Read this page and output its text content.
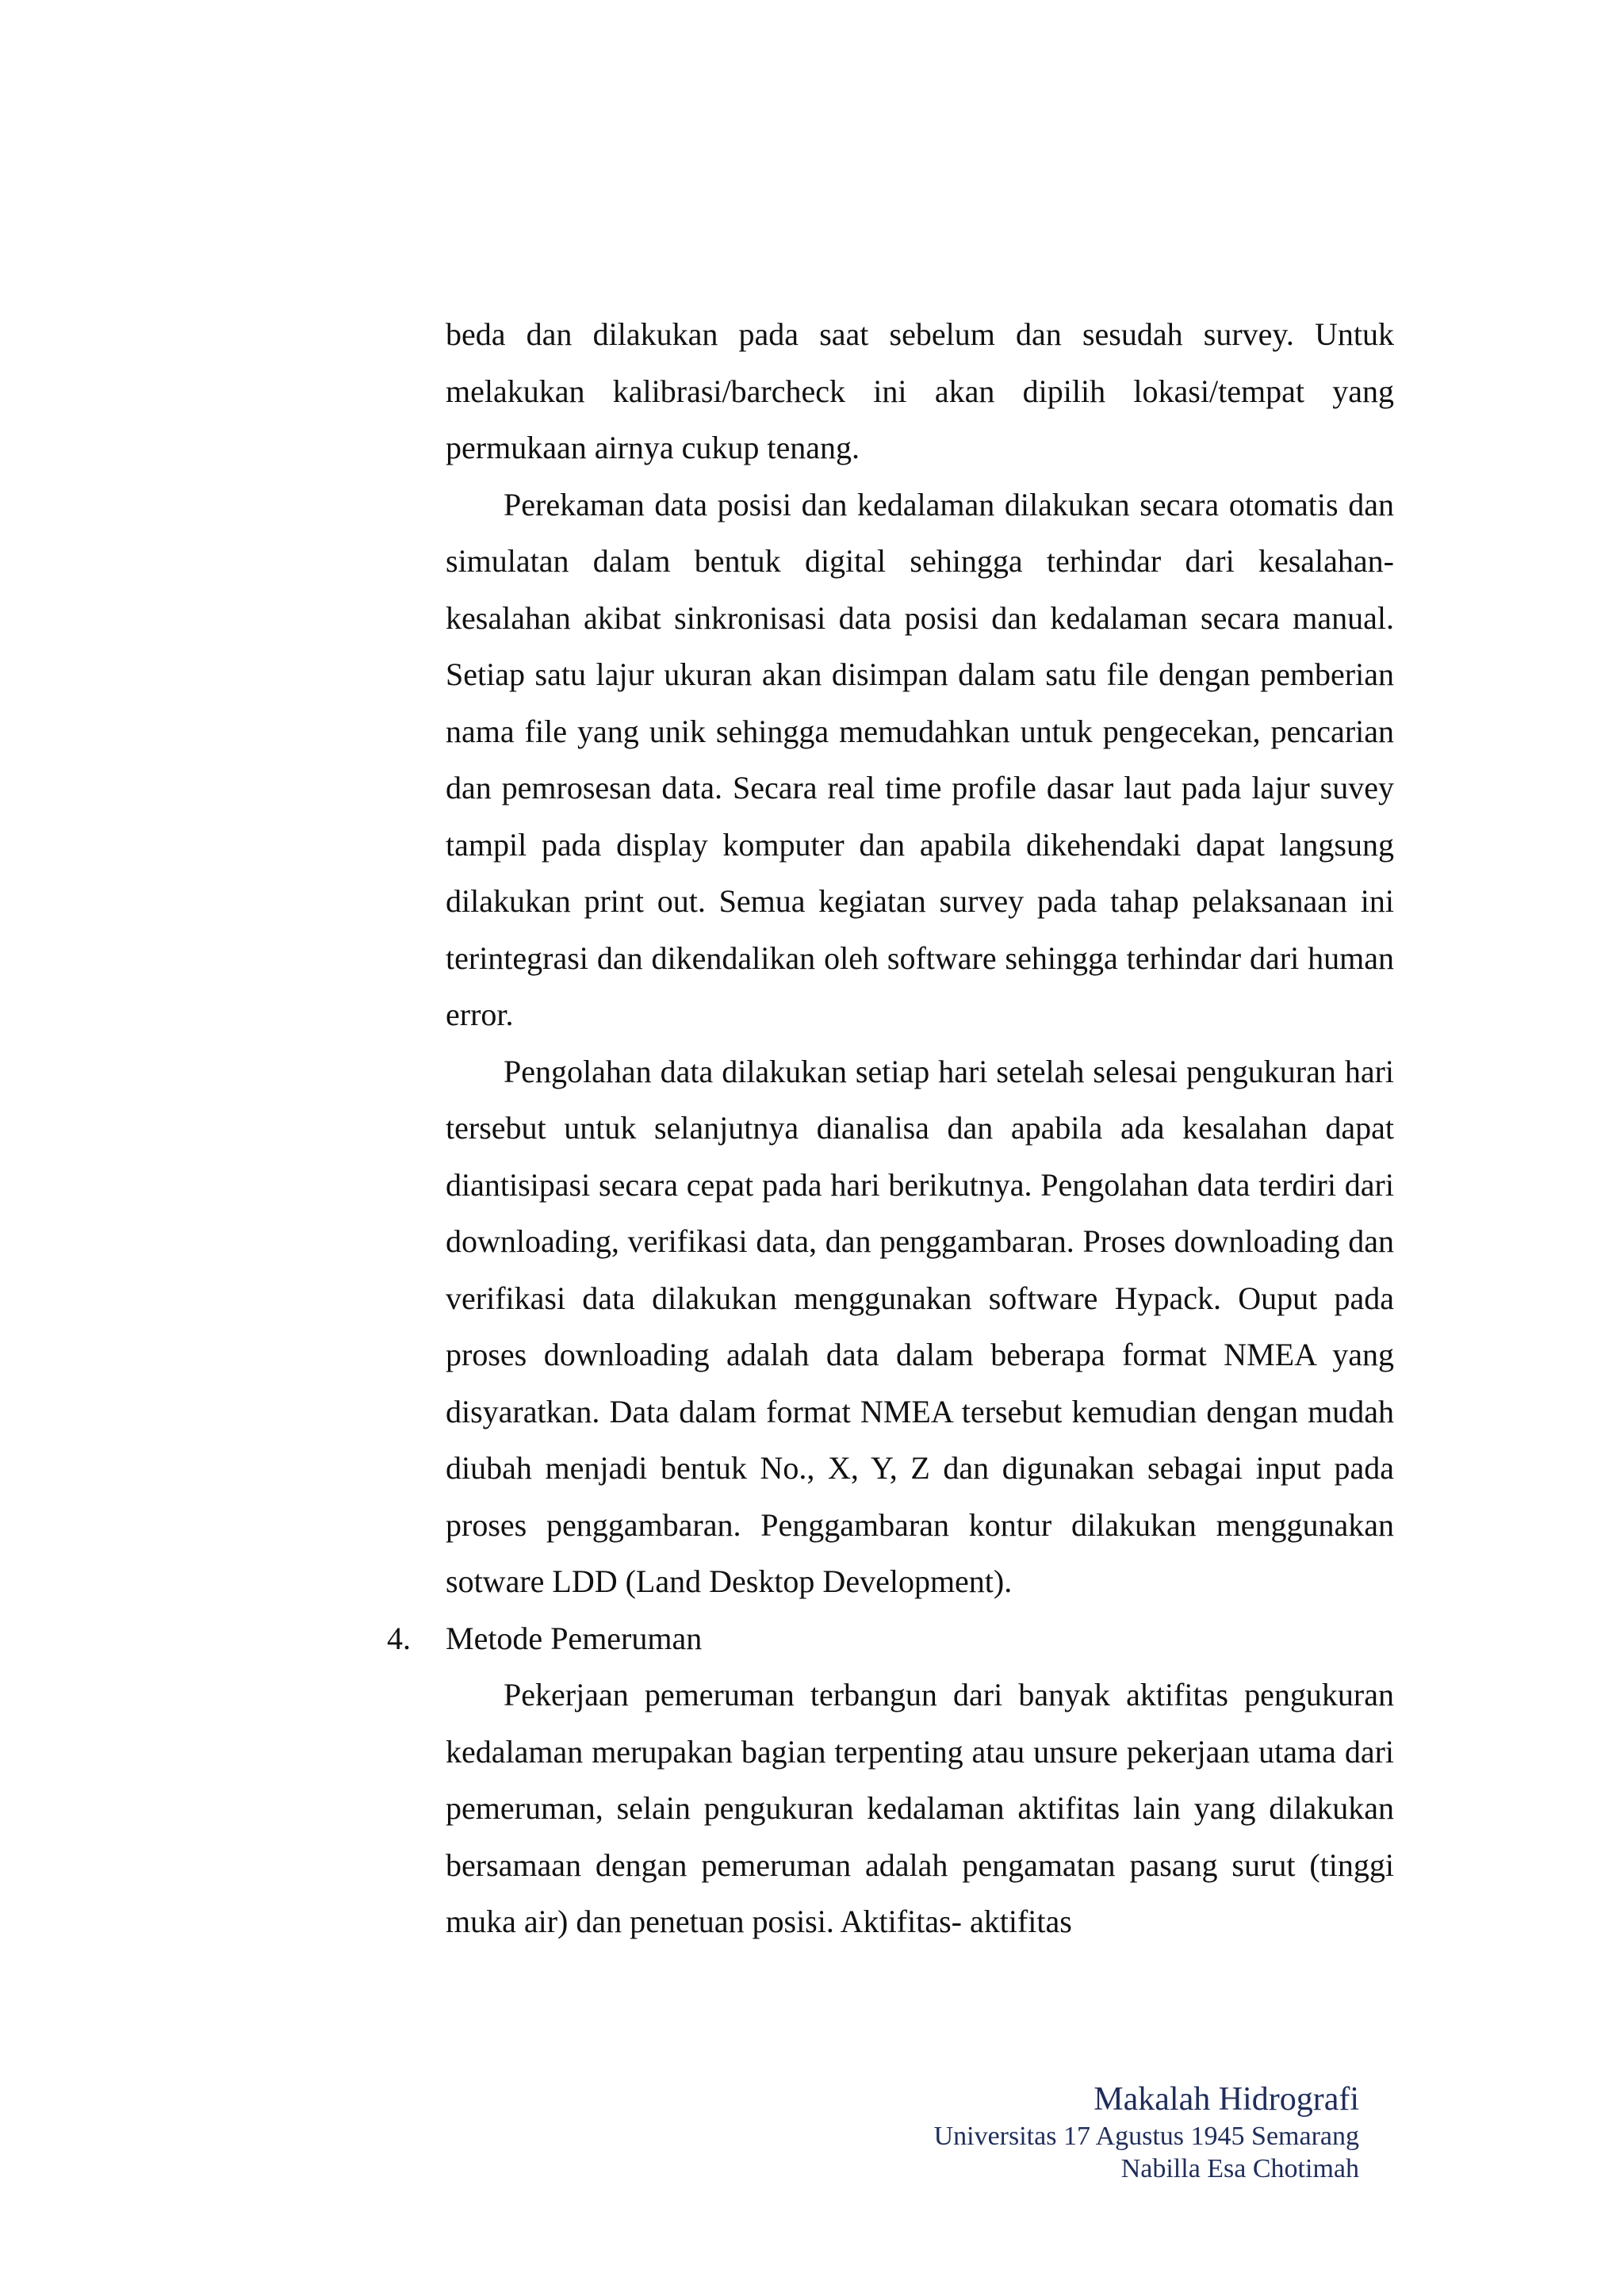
beda dan dilakukan pada saat sebelum dan sesudah survey. Untuk melakukan kalibrasi/barcheck ini akan dipilih lokasi/tempat yang permukaan airnya cukup tenang.

Perekaman data posisi dan kedalaman dilakukan secara otomatis dan simulatan dalam bentuk digital sehingga terhindar dari kesalahan-kesalahan akibat sinkronisasi data posisi dan kedalaman secara manual. Setiap satu lajur ukuran akan disimpan dalam satu file dengan pemberian nama file yang unik sehingga memudahkan untuk pengecekan, pencarian dan pemrosesan data. Secara real time profile dasar laut pada lajur suvey tampil pada display komputer dan apabila dikehendaki dapat langsung dilakukan print out. Semua kegiatan survey pada tahap pelaksanaan ini terintegrasi dan dikendalikan oleh software sehingga terhindar dari human error.

Pengolahan data dilakukan setiap hari setelah selesai pengukuran hari tersebut untuk selanjutnya dianalisa dan apabila ada kesalahan dapat diantisipasi secara cepat pada hari berikutnya. Pengolahan data terdiri dari downloading, verifikasi data, dan penggambaran. Proses downloading dan verifikasi data dilakukan menggunakan software Hypack. Ouput pada proses downloading adalah data dalam beberapa format NMEA yang disyaratkan. Data dalam format NMEA tersebut kemudian dengan mudah diubah menjadi bentuk No., X, Y, Z dan digunakan sebagai input pada proses penggambaran. Penggambaran kontur dilakukan menggunakan sotware LDD (Land Desktop Development).

4. Metode Pemeruman

Pekerjaan pemeruman terbangun dari banyak aktifitas pengukuran kedalaman merupakan bagian terpenting atau unsure pekerjaan utama dari pemeruman, selain pengukuran kedalaman aktifitas lain yang dilakukan bersamaan dengan pemeruman adalah pengamatan pasang surut (tinggi muka air) dan penetuan posisi. Aktifitas- aktifitas

Makalah Hidrografi
Universitas 17 Agustus 1945 Semarang
Nabilla Esa Chotimah
